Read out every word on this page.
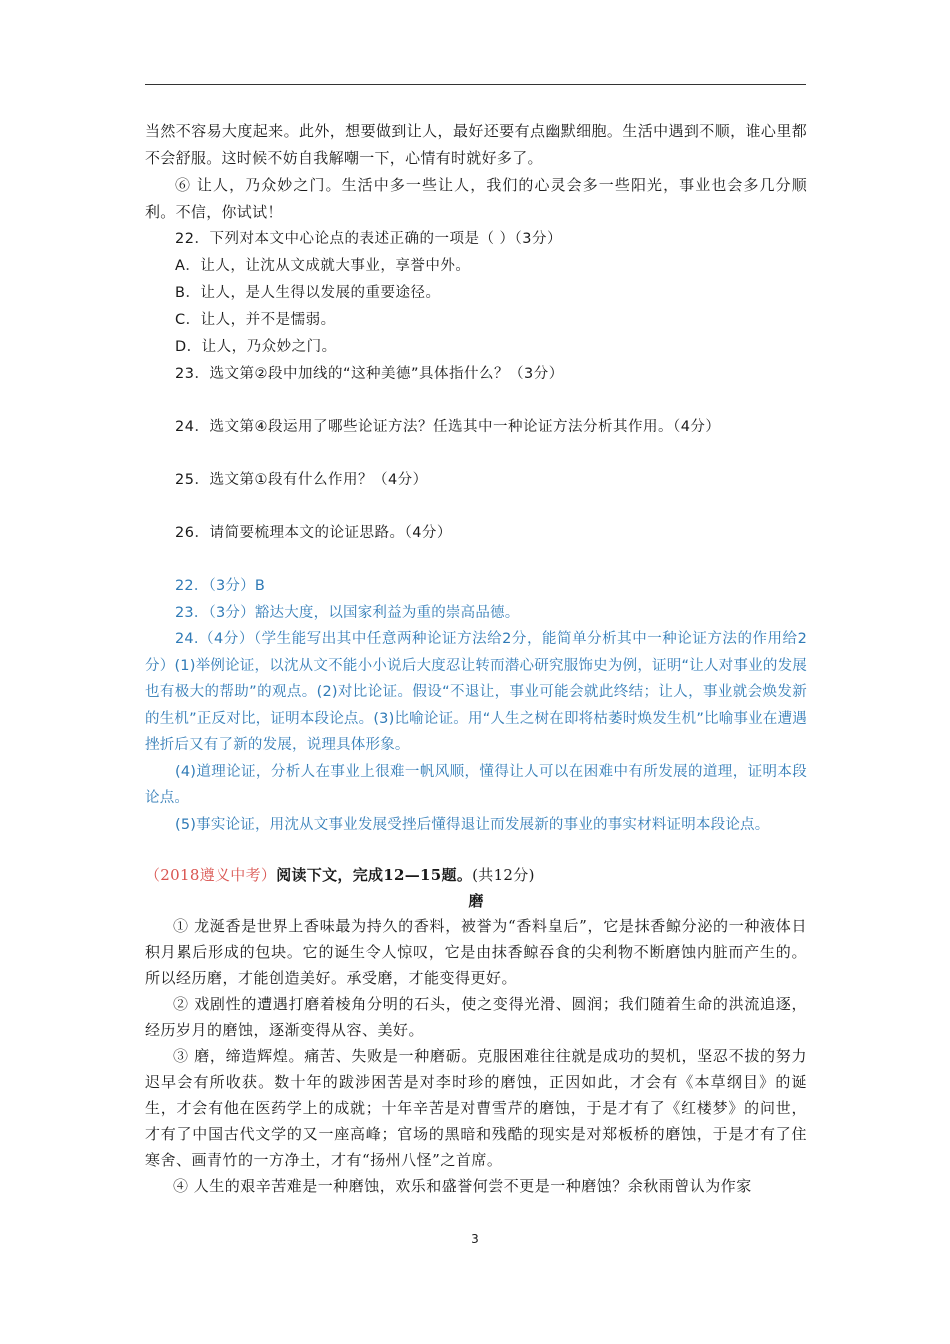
当然不容易大度起来。此外，想要做到让人，最好还要有点幽默细胞。生活中遇到不顺，谁心里都不会舒服。这时候不妨自我解嘲一下，心情有时就好多了。

⑥ 让人，乃众妙之门。生活中多一些让人，我们的心灵会多一些阳光，事业也会多几分顺利。不信，你试试！

22．下列对本文中心论点的表述正确的一项是（ ）（3分）

A．让人，让沈从文成就大事业，享誉中外。

B．让人，是人生得以发展的重要途径。

C．让人，并不是懦弱。

D．让人，乃众妙之门。

23．选文第②段中加线的“这种美德”具体指什么？（3分）

24．选文第④段运用了哪些论证方法？任选其中一种论证方法分析其作用。（4分）

25．选文第①段有什么作用？（4分）

26．请简要梳理本文的论证思路。（4分）

22．（3分）B

23．（3分）豁达大度，以国家利益为重的崇高品德。

24.（4分）（学生能写出其中任意两种论证方法给2分，能简单分析其中一种论证方法的作用给2分）(1)举例论证，以沈从文不能小小说后大度忍让转而潜心研究服饰史为例，证明“让人对事业的发展也有极大的帮助”的观点。(2)对比论证。假设“不退让，事业可能会就此终结；让人，事业就会焕发新的生机”正反对比，证明本段论点。(3)比喻论证。用“人生之树在即将枯萎时焕发生机”比喻事业在遭遇挫折后又有了新的发展，说理具体形象。

(4)道理论证，分析人在事业上很难一帆风顺，懂得让人可以在困难中有所发展的道理，证明本段论点。

(5)事实论证，用沈从文事业发展受挫后懂得退让而发展新的事业的事实材料证明本段论点。

（2018遵义中考）阅读下文，完成12—15题。(共12分)

磨

① 龙涎香是世界上香味最为持久的香料，被誉为“香料皇后”，它是抹香鲸分泌的一种液体日积月累后形成的包块。它的诞生令人惊叹，它是由抹香鲸吞食的尖利物不断磨蚀内脏而产生的。所以经历磨，才能创造美好。承受磨，才能变得更好。

② 戏剧性的遭遇打磨着棱角分明的石头，使之变得光滑、圆润；我们随着生命的洪流追逐，经历岁月的磨蚀，逐渐变得从容、美好。

③ 磨，缔造辉煌。痛苦、失败是一种磨砺。克服困难往往就是成功的契机，坚忍不拔的努力迟早会有所收获。数十年的跋涉困苦是对李时珍的磨蚀，正因如此，才会有《本草纲目》的诞生，才会有他在医药学上的成就；十年辛苦是对曹雪芹的磨蚀，于是才有了《红楼梦》的问世，才有了中国古代文学的又一座高峰；官场的黑暗和残酷的现实是对郑板桥的磨蚀，于是才有了住寒舍、画青竹的一方净土，才有“扬州八怪”之首席。

④ 人生的艰辛苦难是一种磨蚀，欢乐和盛誉何尝不更是一种磨蚀？余秋雨曾认为作家

3
